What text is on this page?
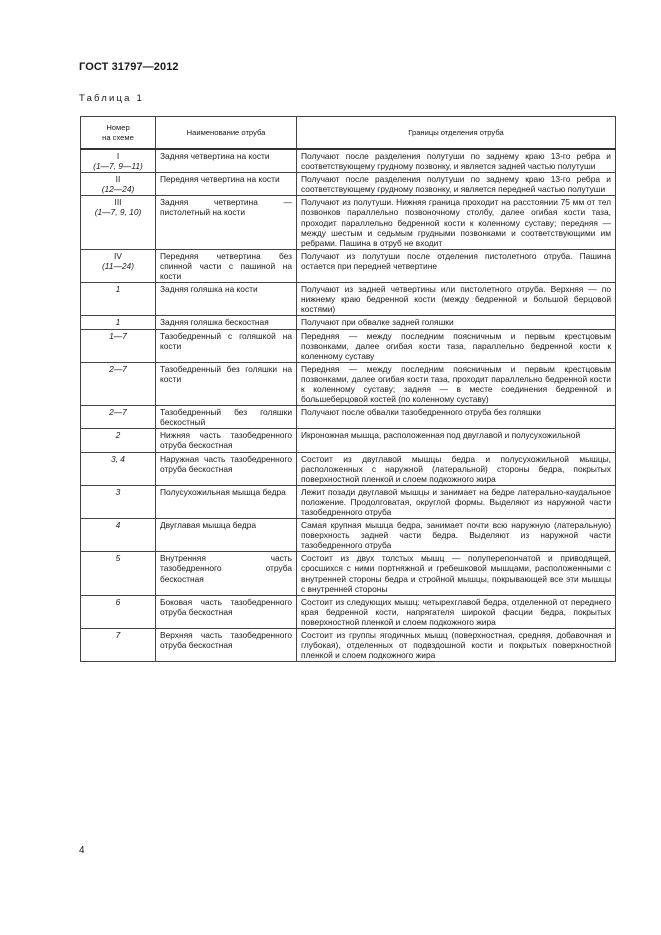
ГОСТ 31797—2012
Таблица 1
Номер
на схеме	Наименование отруба	Границы отделения отруба

I
(1—7, 9—11)	Задняя четвертина на кости	Получают после разделения полутуши по заднему краю 13-го ребра и соответствующему грудному позвонку, и является задней частью полутуши

II
(12—24)	Передняя четвертина на кости	Получают после разделения полутуши по заднему краю 13-го ребра и соответствующему грудному позвонку, и является передней частью полутуши

III
(1—7, 9, 10)	Задняя четвертина — пистолетный на кости	Получают из полутуши. Нижняя граница проходит на расстоянии 75 мм от тел позвонков параллельно позвоночному столбу, далее огибая кости таза, проходит параллельно бедренной кости к коленному суставу; передняя — между шестым и седьмым грудными позвонками и соответствующими им ребрами. Пашина в отруб не входит

IV
(11—24)	Передняя четвертина без спинной части с пашиной на кости	Получают из полутуши после отделения пистолетного отруба. Пашина остается при передней четвертине

1	Задняя голяшка на кости	Получают из задней четвертины или пистолетного отруба. Верхняя — по нижнему краю бедренной кости (между бедренной и большой берцовой костями)

1	Задняя голяшка бескостная	Получают при обвалке задней голяшки

1—7	Тазобедренный с голяшкой на кости	Передняя — между последним поясничным и первым крестцовым позвонками, далее огибая кости таза, параллельно бедренной кости к коленному суставу

2—7	Тазобедренный без голяшки на кости	Передняя — между последним поясничным и первым крестцовым позвонками, далее огибая кости таза, проходит параллельно бедренной кости к коленному суставу; задняя — в месте соединения бедренной и большеберцовой костей (по коленному суставу)

2—7	Тазобедренный без голяшки бескостный	Получают после обвалки тазобедренного отруба без голяшки

2	Нижняя часть тазобедренного отруба бескостная	Икроножная мышца, расположенная под двуглавой и полусухожильной

3, 4	Наружная часть тазобедренного отруба бескостная	Состоит из двуглавой мышцы бедра и полусухожильной мышцы, расположенных с наружной (латеральной) стороны бедра, покрытых поверхностной пленкой и слоем подкожного жира

3	Полусухожильная мышца бедра	Лежит позади двуглавой мышцы и занимает на бедре латерально-каудальное положение. Продолговатая, округлой формы. Выделяют из наружной части тазобедренного отруба

4	Двуглавая мышца бедра	Самая крупная мышца бедра, занимает почти всю наружную (латеральную) поверхность задней части бедра. Выделяют из наружной части тазобедренного отруба

5	Внутренняя часть тазобедренного отруба бескостная	Состоит из двух толстых мышц — полуперепончатой и приводящей, сросшихся с ними портняжной и гребешковой мышцами, расположенными с внутренней стороны бедра и стройной мышцы, покрывающей все эти мышцы с внутренней стороны

6	Боковая часть тазобедренного отруба бескостная	Состоит из следующих мышц: четырехглавой бедра, отделенной от переднего края бедренной кости, напрягателя широкой фасции бедра, покрытых поверхностной пленкой и слоем подкожного жира

7	Верхняя часть тазобедренного отруба бескостная	Состоит из группы ягодичных мышц (поверхностная, средняя, добавочная и глубокая), отделенных от подвздошной кости и покрытых поверхностной пленкой и слоем подкожного жира
4
